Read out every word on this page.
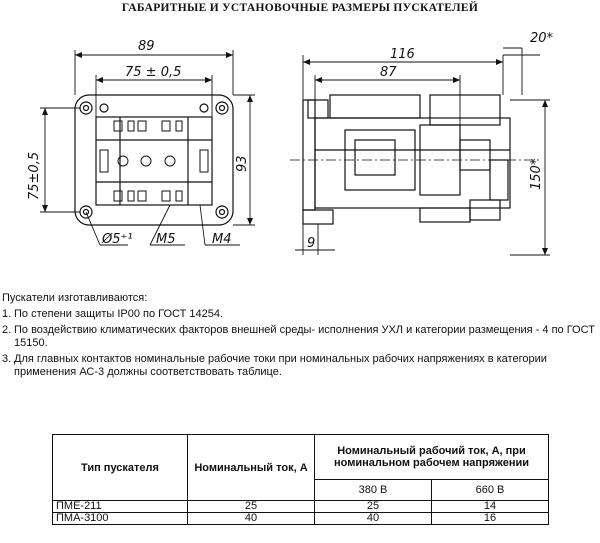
ГАБАРИТНЫЕ И УСТАНОВОЧНЫЕ РАЗМЕРЫ ПУСКАТЕЛЕЙ
89
75 ± 0,5
75±0,5	93
Ø5⁺¹ M5	M4
116
87
20*
150*
9
Пускатели изготавливаются:
1. По степени защиты IP00 по ГОСТ 14254.
2. По воздействию климатических факторов внешней среды- исполнения УХЛ и категории размещения - 4 по ГОСТ 15150.
3. Для главных контактов номинальные рабочие токи при номинальных рабочих напряжениях в категории применения АС-3 должны соответствовать таблице.
Тип пускателя	Номинальный ток, А	Номинальный рабочий ток, А, при номинальном рабочем напряжении	
		380 В	660 В
ПМЕ-211	25	25	14
ПМА-3100	40	40	16
